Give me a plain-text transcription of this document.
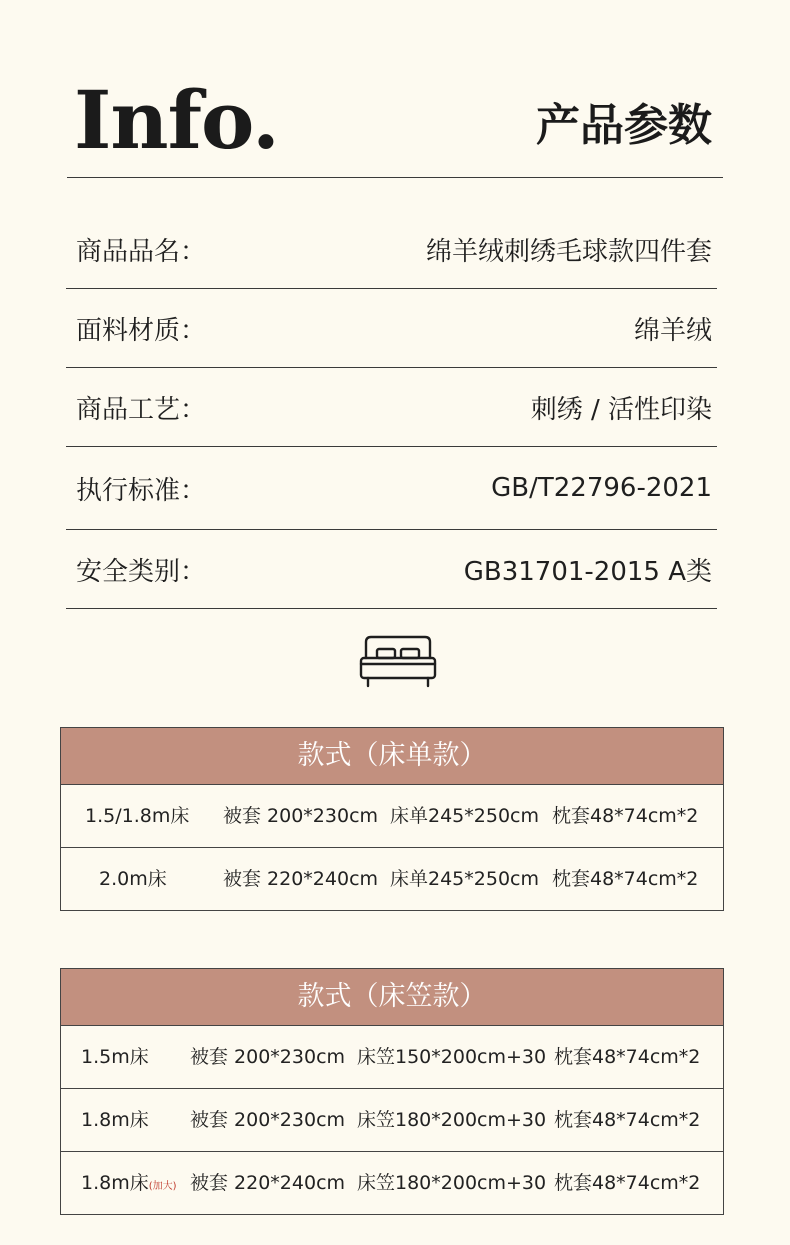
Info.	产品参数
商品品名：	绵羊绒刺绣毛球款四件套
面料材质：	绵羊绒
商品工艺：	刺绣 / 活性印染
执行标准：	GB/T22796-2021
安全类别：	GB31701-2015 A类
款式（床单款）
1.5/1.8m床 被套 200*230cm 床单245*250cm 枕套48*74cm*2
2.0m床	被套 220*240cm 床单245*250cm 枕套48*74cm*2
款式（床笠款）
1.5m床 被套 200*230cm 床笠150*200cm+30 枕套48*74cm*2
1.8m床 被套 200*230cm 床笠180*200cm+30 枕套48*74cm*2
1.8m床(加大) 被套 220*240cm 床笠180*200cm+30 枕套48*74cm*2
